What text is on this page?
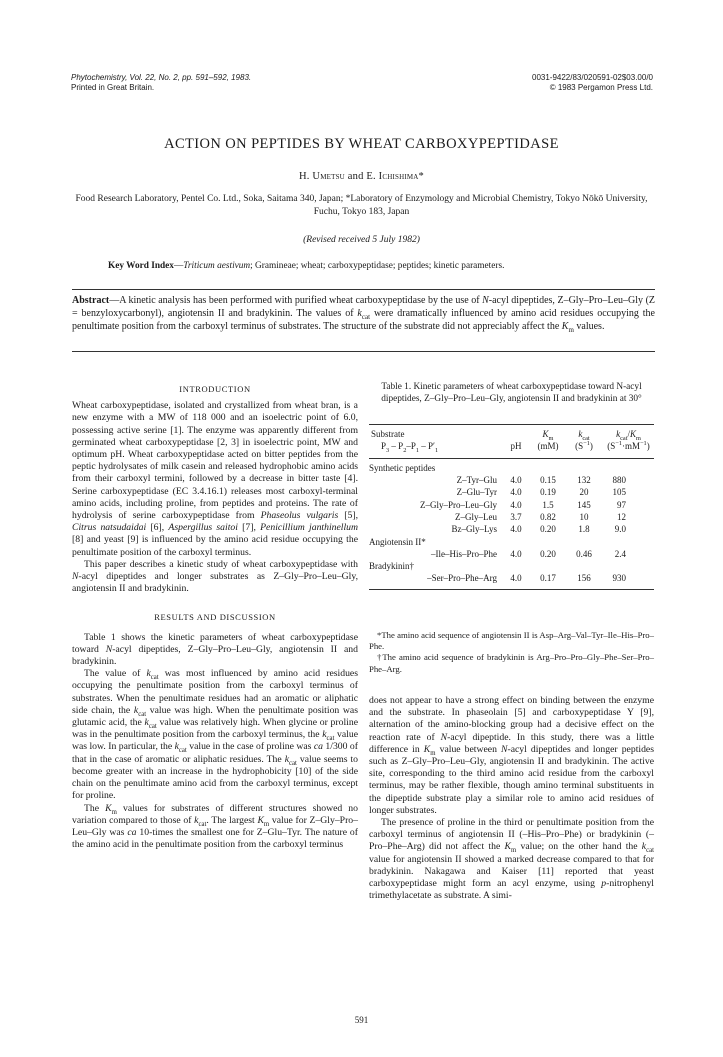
Phytochemistry, Vol. 22, No. 2, pp. 591–592, 1983.
Printed in Great Britain.
0031-9422/83/020591-02$03.00/0
© 1983 Pergamon Press Ltd.
ACTION ON PEPTIDES BY WHEAT CARBOXYPEPTIDASE
H. Umetsu and E. Ichishima*
Food Research Laboratory, Pentel Co. Ltd., Soka, Saitama 340, Japan; *Laboratory of Enzymology and Microbial Chemistry, Tokyo Nōkō University, Fuchu, Tokyo 183, Japan
(Revised received 5 July 1982)
Key Word Index—Triticum aestivum; Gramineae; wheat; carboxypeptidase; peptides; kinetic parameters.
Abstract—A kinetic analysis has been performed with purified wheat carboxypeptidase by the use of N-acyl dipeptides, Z–Gly–Pro–Leu–Gly (Z = benzyloxycarbonyl), angiotensin II and bradykinin. The values of $k_{cat}$ were dramatically influenced by amino acid residues occupying the penultimate position from the carboxyl terminus of substrates. The structure of the substrate did not appreciably affect the $K_m$ values.
INTRODUCTION

Wheat carboxypeptidase, isolated and crystallized from wheat bran, is a new enzyme with a MW of 118 000 and an isoelectric point of 6.0, possessing active serine [1]. The enzyme was apparently different from germinated wheat carboxypeptidase [2, 3] in isoelectric point, MW and optimum pH. Wheat carboxypeptidase acted on bitter peptides from the peptic hydrolysates of milk casein and released hydrophobic amino acids from their carboxyl termini, followed by a decrease in bitter taste [4]. Serine carboxypeptidase (EC 3.4.16.1) releases most carboxyl-terminal amino acids, including proline, from peptides and proteins. The rate of hydrolysis of serine carboxypeptidase from Phaseolus vulgaris [5], Citrus natsudaidai [6], Aspergillus saitoi [7], Penicillium janthinellum [8] and yeast [9] is influenced by the amino acid residue occupying the penultimate position of the carboxyl terminus.

This paper describes a kinetic study of wheat carboxypeptidase with N-acyl dipeptides and longer substrates as Z–Gly–Pro–Leu–Gly, angiotensin II and bradykinin.

RESULTS AND DISCUSSION

Table 1 shows the kinetic parameters of wheat carboxypeptidase toward N-acyl dipeptides, Z–Gly–Pro–Leu–Gly, angiotensin II and bradykinin.

The value of $k_{cat}$ was most influenced by amino acid residues occupying the penultimate position from the carboxyl terminus of substrates. When the penultimate residues had an aromatic or aliphatic side chain, the $k_{cat}$ value was high. When the penultimate position was glutamic acid, the $k_{cat}$ value was relatively high. When glycine or proline was in the penultimate position from the carboxyl terminus, the $k_{cat}$ value was low. In particular, the $k_{cat}$ value in the case of proline was ca 1/300 of that in the case of aromatic or aliphatic residues. The $k_{cat}$ value seems to become greater with an increase in the hydrophobicity [10] of the side chain on the penultimate amino acid from the carboxyl terminus, except for proline.

The $K_m$ values for substrates of different structures showed no variation compared to those of $k_{cat}$. The largest $K_m$ value for Z–Gly–Pro–Leu–Gly was ca 10-times the smallest one for Z–Glu–Tyr. The nature of the amino acid in the penultimate position from the carboxyl terminus

Table 1. Kinetic parameters of wheat carboxypeptidase toward N-acyl dipeptides, Z–Gly–Pro–Leu–Gly, angiotensin II and bradykinin at 30°
Substrate		$K_m$	$k_{cat}$	$k_{cat}/K_m$
$P_3 - P_2-P_1 - P'_1$	pH	(mM)	$(S^{-1})$	$(S^{-1}\cdot mM^{-1})$

Synthetic peptides				
Z–Tyr–Glu	4.0	0.15	132	880
Z–Glu–Tyr	4.0	0.19	20	105
Z–Gly–Pro–Leu–Gly	4.0	1.5	145	97
Z–Gly–Leu	3.7	0.82	10	12
Bz–Gly–Lys	4.0	0.20	1.8	9.0
Angiotensin II*				
–Ile–His–Pro–Phe	4.0	0.20	0.46	2.4
Bradykinin†				
–Ser–Pro–Phe–Arg	4.0	0.17	156	930

*The amino acid sequence of angiotensin II is Asp–Arg–Val–Tyr–Ile–His–Pro–Phe.
†The amino acid sequence of bradykinin is Arg–Pro–Pro–Gly–Phe–Ser–Pro–Phe–Arg.

does not appear to have a strong effect on binding between the enzyme and the substrate. In phaseolain [5] and carboxypeptidase Y [9], alternation of the amino-blocking group had a decisive effect on the reaction rate of N-acyl dipeptide. In this study, there was a little difference in $K_m$ value between N-acyl dipeptides and longer peptides such as Z–Gly–Pro–Leu–Gly, angiotensin II and bradykinin. The active site, corresponding to the third amino acid residue from the carboxyl terminus, may be rather flexible, though amino terminal substituents in the dipeptide substrate play a similar role to amino acid residues of longer substrates.

The presence of proline in the third or penultimate position from the carboxyl terminus of angiotensin II (–His–Pro–Phe) or bradykinin (–Pro–Phe–Arg) did not affect the $K_m$ value; on the other hand the $k_{cat}$ value for angiotensin II showed a marked decrease compared to that for bradykinin. Nakagawa and Kaiser [11] reported that yeast carboxypeptidase might form an acyl enzyme, using p-nitrophenyl trimethylacetate as substrate. A simi-

591
